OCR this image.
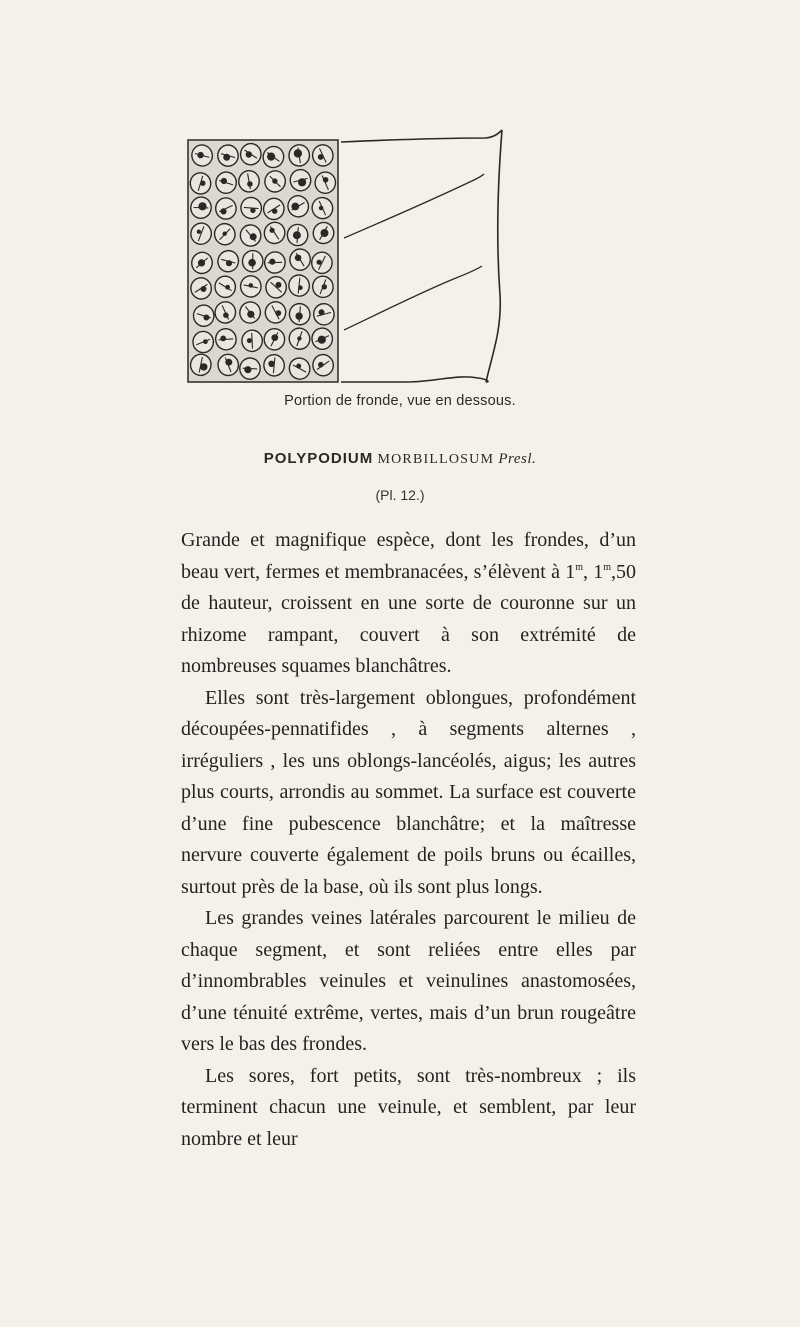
Portion de fronde, vue en dessous.
POLYPODIUM MORBILLOSUM Presl.
(Pl. 12.)

Grande et magnifique espèce, dont les frondes, d’un beau vert, fermes et membranacées, s’élèvent à 1$^m$, 1$^m$,50 de hauteur, croissent en une sorte de couronne sur un rhizome rampant, couvert à son extrémité de nombreuses squames blanchâtres.

Elles sont très-largement oblongues, profondément découpées-pennatifides , à segments alternes , irréguliers , les uns oblongs-lancéolés, aigus; les autres plus courts, arrondis au sommet. La surface est couverte d’une fine pubescence blanchâtre; et la maîtresse nervure couverte également de poils bruns ou écailles, surtout près de la base, où ils sont plus longs.

Les grandes veines latérales parcourent le milieu de chaque segment, et sont reliées entre elles par d’innombrables veinules et veinulines anastomosées, d’une ténuité extrême, vertes, mais d’un brun rougeâtre vers le bas des frondes.

Les sores, fort petits, sont très-nombreux ; ils terminent chacun une veinule, et semblent, par leur nombre et leur
